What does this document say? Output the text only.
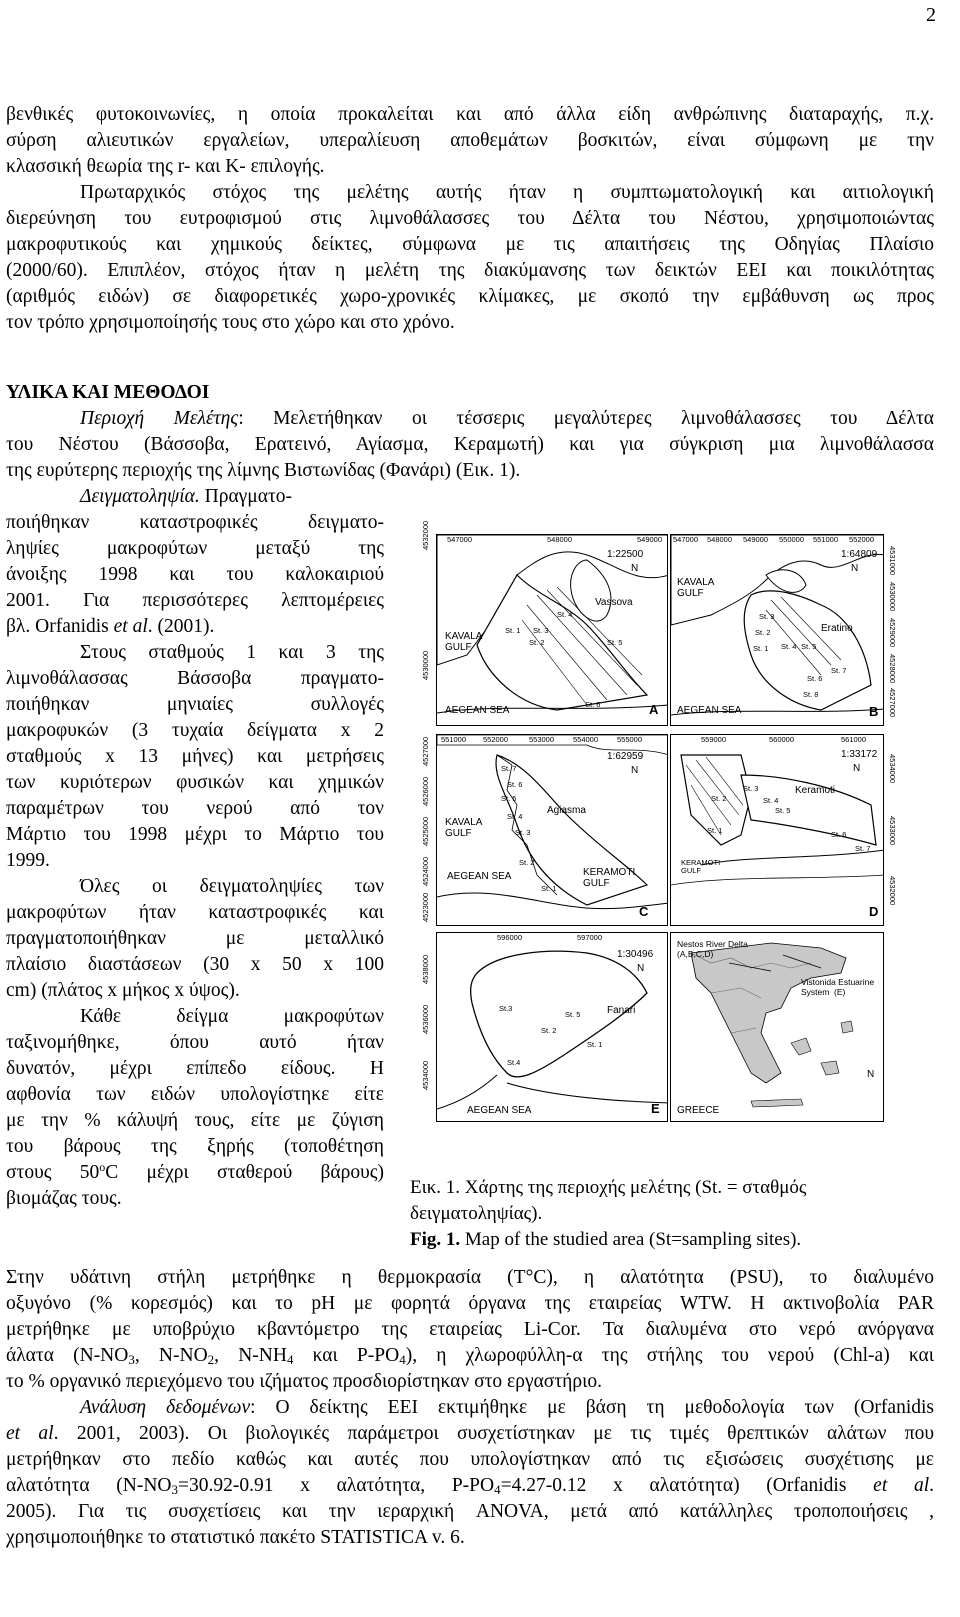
2
βενθικές φυτοκοινωνίες, η οποία προκαλείται και από άλλα είδη ανθρώπινης διαταραχής, π.χ.
σύρση αλιευτικών εργαλείων, υπεραλίευση αποθεμάτων βοσκιτών, είναι σύμφωνη με την
κλασσική θεωρία της r- και K- επιλογής.
Πρωταρχικός στόχος της μελέτης αυτής ήταν η συμπτωματολογική και αιτιολογική
διερεύνηση του ευτροφισμού στις λιμνοθάλασσες του Δέλτα του Νέστου, χρησιμοποιώντας
μακροφυτικούς και χημικούς δείκτες, σύμφωνα με τις απαιτήσεις της Οδηγίας Πλαίσιο
(2000/60). Επιπλέον, στόχος ήταν η μελέτη της διακύμανσης των δεικτών ΕΕΙ και ποικιλότητας
(αριθμός ειδών) σε διαφορετικές χωρο-χρονικές κλίμακες, με σκοπό την εμβάθυνση ως προς
τον τρόπο χρησιμοποίησής τους στο χώρο και στο χρόνο.
ΥΛΙΚΑ ΚΑΙ ΜΕΘΟΔΟΙ
Περιοχή Μελέτης: Μελετήθηκαν οι τέσσερις μεγαλύτερες λιμνοθάλασσες του Δέλτα
του Νέστου (Βάσσοβα, Ερατεινό, Αγίασμα, Κεραμωτή) και για σύγκριση μια λιμνοθάλασσα
της ευρύτερης περιοχής της λίμνης Βιστωνίδας (Φανάρι) (Εικ. 1).
Δειγματοληψία. Πραγματο-
ποιήθηκαν καταστροφικές δειγματο-
ληψίες μακροφύτων μεταξύ της
άνοιξης 1998 και του καλοκαιριού
2001. Για περισσότερες λεπτομέρειες
βλ. Orfanidis et al. (2001).
Στους σταθμούς 1 και 3 της
λιμνοθάλασσας Βάσσοβα πραγματο-
ποιήθηκαν μηνιαίες συλλογές
μακροφυκών (3 τυχαία δείγματα x 2
σταθμούς x 13 μήνες) και μετρήσεις
των κυριότερων φυσικών και χημικών
παραμέτρων του νερού από τον
Μάρτιο του 1998 μέχρι το Μάρτιο του
1999.
Όλες οι δειγματοληψίες των
μακροφύτων ήταν καταστροφικές και
πραγματοποιήθηκαν με μεταλλικό
πλαίσιο διαστάσεων (30 x 50 x 100
cm) (πλάτος x μήκος x ύψος).
Κάθε δείγμα μακροφύτων
ταξινομήθηκε, όπου αυτό ήταν
δυνατόν, μέχρι επίπεδο είδους. Η
αφθονία των ειδών υπολογίστηκε είτε
με την % κάλυψή τους, είτε με ζύγιση
του βάρους της ξηρής (τοποθέτηση
στους 50$^o$C μέχρι σταθερού βάρους)
βιομάζας τους.
547000	548000	549000
1:22500
N
Vassova
KAVALA
GULF
AEGEAN SEA	A
St. 1
St. 2
St. 3
St. 4
St. 5
St. 6
4532000
4530000
547000 548000 549000 550000 551000 552000
1:64809
N
Eratino
KAVALA
GULF
AEGEAN SEA	B
St. 1
St. 2
St. 3
St. 4 St. 5
St. 6
St. 7
St. 8
4531000
4530000
4529000
4528000
4527000
551000 552000	553000	554000	555000
1:62959
N
Agiasma
KAVALA
GULF
AEGEAN SEA	KERAMOTI
GULF
C
St. 1
St. 2
St. 3
St. 4
St. 5
St. 6
St. 7
4527000
4526000
4525000
4524000
4523000
559000	560000	561000
1:33172
N
Keramoti
KERAMOTI
GULF
D
St. 1
St. 2
St. 3
St. 4
St. 5
St. 6
St. 7
4534000
4533000
4532000
596000	597000
1:30496
N
Fanari
AEGEAN SEA	E
St. 1
St. 2
St.3
St.4
St. 5
4538000
4536000
4534000
Nestos River Delta
(A,B,C,D)
Vistonida Estuarine
System  (E)
N
GREECE
Εικ. 1. Χάρτης της περιοχής μελέτης (St. = σταθμός
δειγματοληψίας).
Fig. 1. Map of the studied area (St=sampling sites).
Στην υδάτινη στήλη μετρήθηκε η θερμοκρασία (T°C), η αλατότητα (PSU), το διαλυμένο
οξυγόνο (% κορεσμός) και το pH με φορητά όργανα της εταιρείας WTW. Η ακτινοβολία PAR
μετρήθηκε με υποβρύχιο κβαντόμετρο της εταιρείας Li-Cor. Τα διαλυμένα στο νερό ανόργανα
άλατα ($N-NO_3$, $N-NO_2$, $N-NH_4$ και $P-PO_4$), η χλωροφύλλη-α της στήλης του νερού (Chl-a) και
το % οργανικό περιεχόμενο του ιζήματος προσδιορίστηκαν στο εργαστήριο.
Ανάλυση δεδομένων: Ο δείκτης ΕΕΙ εκτιμήθηκε με βάση τη μεθοδολογία των (Orfanidis
et al. 2001, 2003). Οι βιολογικές παράμετροι συσχετίστηκαν με τις τιμές θρεπτικών αλάτων που
μετρήθηκαν στο πεδίο καθώς και αυτές που υπολογίστηκαν από τις εξισώσεις συσχέτισης με
αλατότητα ($N-NO_3=30.92-0.91$ x αλατότητα, $P-PO_4=4.27-0.12$ x αλατότητα) (Orfanidis et al.
2005). Για τις συσχετίσεις και την ιεραρχική ANOVA, μετά από κατάλληλες τροποποιήσεις ,
χρησιμοποιήθηκε το στατιστικό πακέτο STATISTICA v. 6.
